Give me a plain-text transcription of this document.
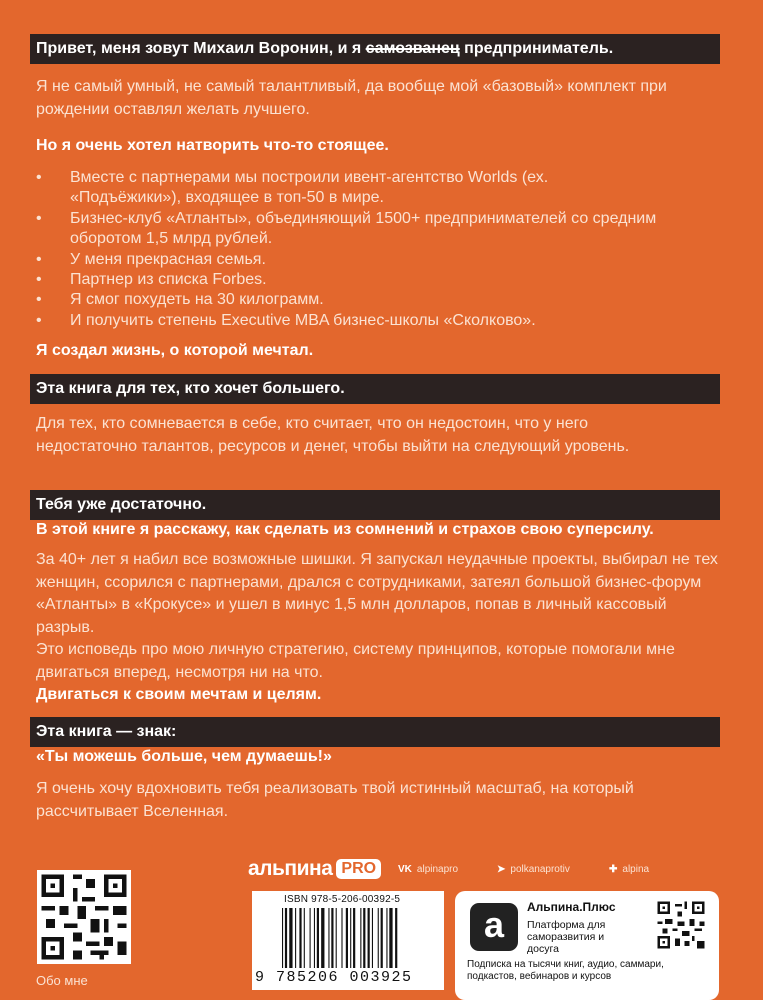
Привет, меня зовут Михаил Воронин, и я самозванец предприниматель.
Я не самый умный, не самый талантливый, да вообще мой «базовый» комплект при рождении оставлял желать лучшего.
Но я очень хотел натворить что-то стоящее.
• Вместе с партнерами мы построили ивент-агентство Worlds (ех. «Подъёжики»), входящее в топ-50 в мире.
• Бизнес-клуб «Атланты», объединяющий 1500+ предпринимателей со средним оборотом 1,5 млрд рублей.
• У меня прекрасная семья.
• Партнер из списка Forbes.
• Я смог похудеть на 30 килограмм.
• И получить степень Executive MBA бизнес-школы «Сколково».
Я создал жизнь, о которой мечтал.
Эта книга для тех, кто хочет большего.
Для тех, кто сомневается в себе, кто считает, что он недостоин, что у него недостаточно талантов, ресурсов и денег, чтобы выйти на следующий уровень.
Тебя уже достаточно.
В этой книге я расскажу, как сделать из сомнений и страхов свою суперсилу.
За 40+ лет я набил все возможные шишки. Я запускал неудачные проекты, выбирал не тех женщин, ссорился с партнерами, дрался с сотрудниками, затеял большой бизнес-форум «Атланты» в «Крокусе» и ушел в минус 1,5 млн долларов, попав в личный кассовый разрыв.
Это исповедь про мою личную стратегию, систему принципов, которые помогали мне двигаться вперед, несмотря ни на что.
Двигаться к своим мечтам и целям.
Эта книга — знак:
«Ты можешь больше, чем думаешь!»
Я очень хочу вдохновить тебя реализовать твой истинный масштаб, на который рассчитывает Вселенная.
Обо мне
альпина PRO	VK alpinapro	➤ polkanaprotiv	✚ alpina
ISBN 978-5-206-00392-5
9 785206 003925
a	Альпина.Плюс
Платформа для саморазвития и досуга
Подписка на тысячи книг, аудио, саммари, подкастов, вебинаров и курсов
